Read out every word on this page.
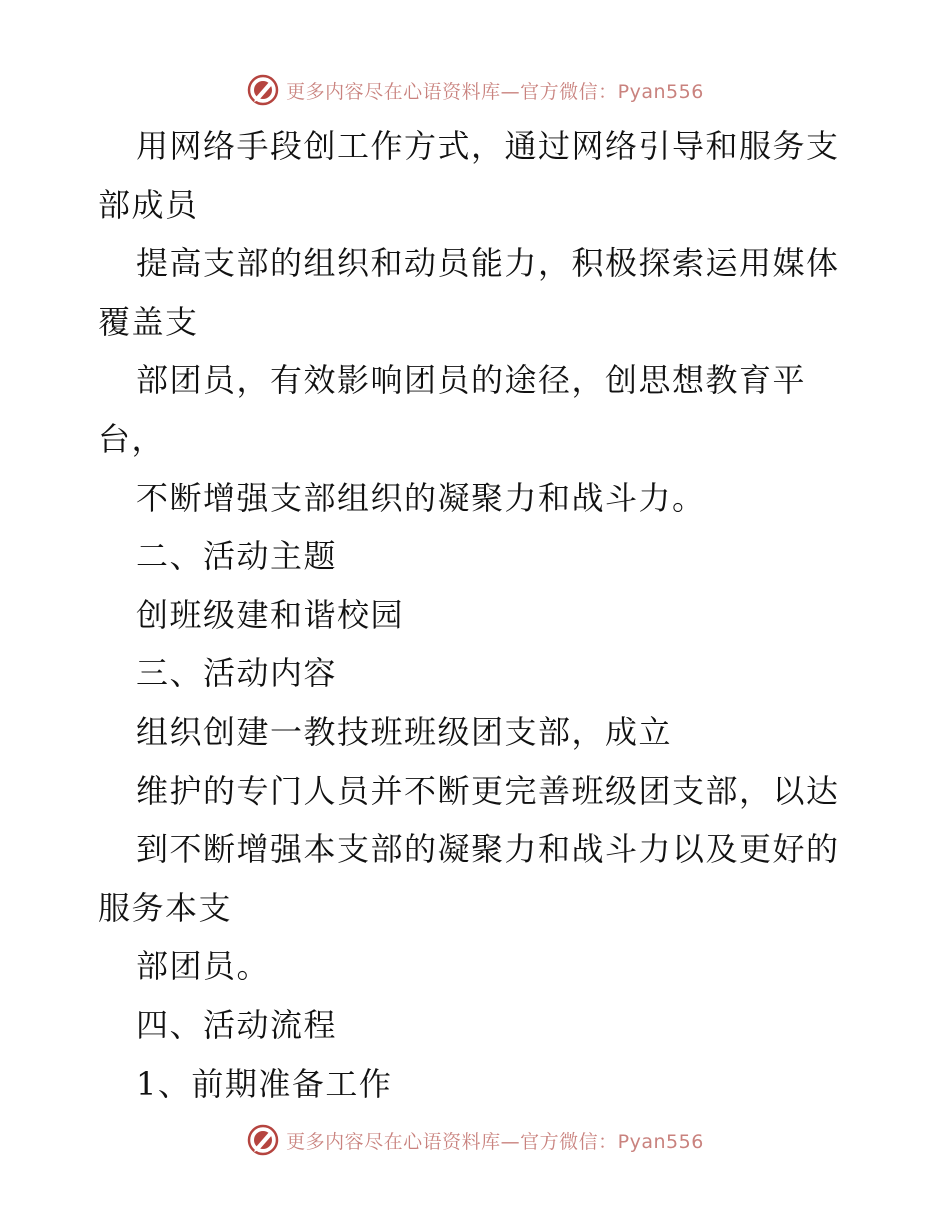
更多内容尽在心语资料库—官方微信：Pyan556
用网络手段创工作方式，通过网络引导和服务支
部成员
提高支部的组织和动员能力，积极探索运用媒体
覆盖支
部团员，有效影响团员的途径，创思想教育平
台，
不断增强支部组织的凝聚力和战斗力。
二、活动主题
创班级建和谐校园
三、活动内容
组织创建一教技班班级团支部，成立
维护的专门人员并不断更完善班级团支部，以达
到不断增强本支部的凝聚力和战斗力以及更好的
服务本支
部团员。
四、活动流程
1、前期准备工作
更多内容尽在心语资料库—官方微信：Pyan556
